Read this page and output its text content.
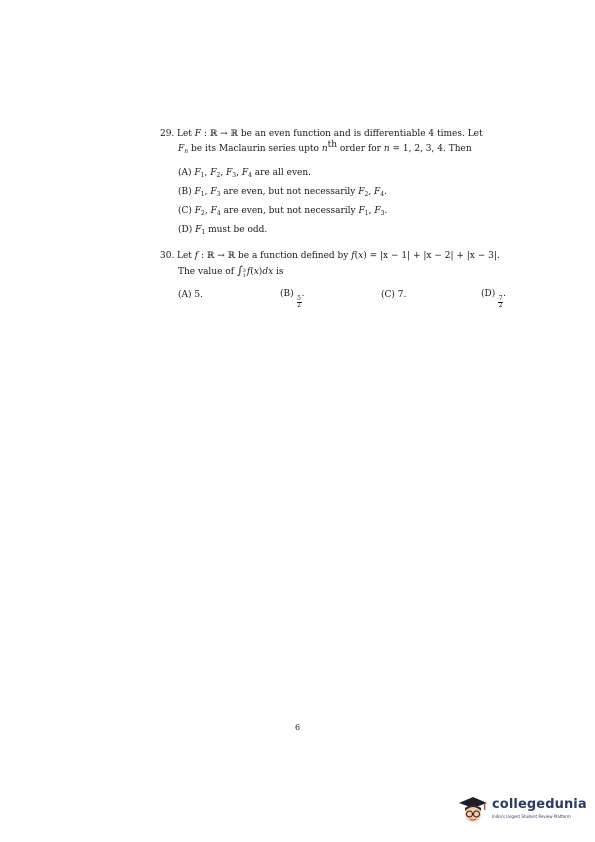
29. Let F : ℝ → ℝ be an even function and is differentiable 4 times. Let
$F_n$ be its Maclaurin series upto nth order for n = 1, 2, 3, 4. Then
(A) $F_1$, $F_2$, $F_3$, $F_4$ are all even.
(B) $F_1$, $F_3$ are even, but not necessarily $F_2$, $F_4$.
(C) $F_2$, $F_4$ are even, but not necessarily $F_1$, $F_3$.
(D) $F_1$ must be odd.
30. Let f : ℝ → ℝ be a function defined by f(x) = |x − 1| + |x − 2| + |x − 3|.
The value of ∫ 3
1 f(x)dx is
(A) 5.	(B)
$\frac{5}{2}$
.	(C) 7.	(D)
$\frac{7}{2}$
.
6
collegedunia
India's largest Student Review Platform
